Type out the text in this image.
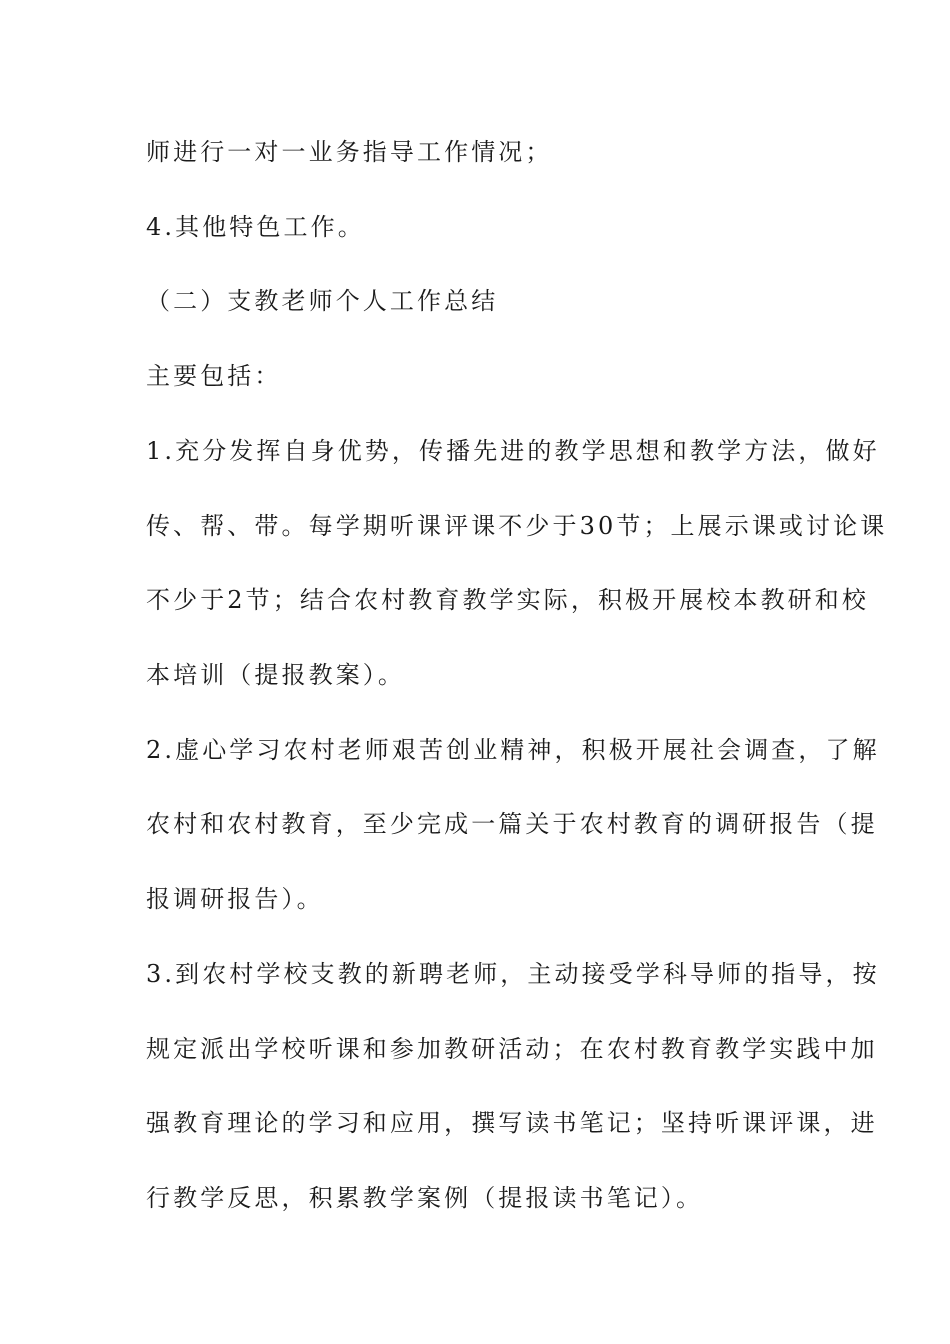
师进行一对一业务指导工作情况；
4.其他特色工作。
（二）支教老师个人工作总结
主要包括：
1.充分发挥自身优势，传播先进的教学思想和教学方法，做好
传、帮、带。每学期听课评课不少于30节；上展示课或讨论课
不少于2节；结合农村教育教学实际，积极开展校本教研和校
本培训（提报教案）。
2.虚心学习农村老师艰苦创业精神，积极开展社会调查，了解
农村和农村教育，至少完成一篇关于农村教育的调研报告（提
报调研报告）。
3.到农村学校支教的新聘老师，主动接受学科导师的指导，按
规定派出学校听课和参加教研活动；在农村教育教学实践中加
强教育理论的学习和应用，撰写读书笔记；坚持听课评课，进
行教学反思，积累教学案例（提报读书笔记）。
